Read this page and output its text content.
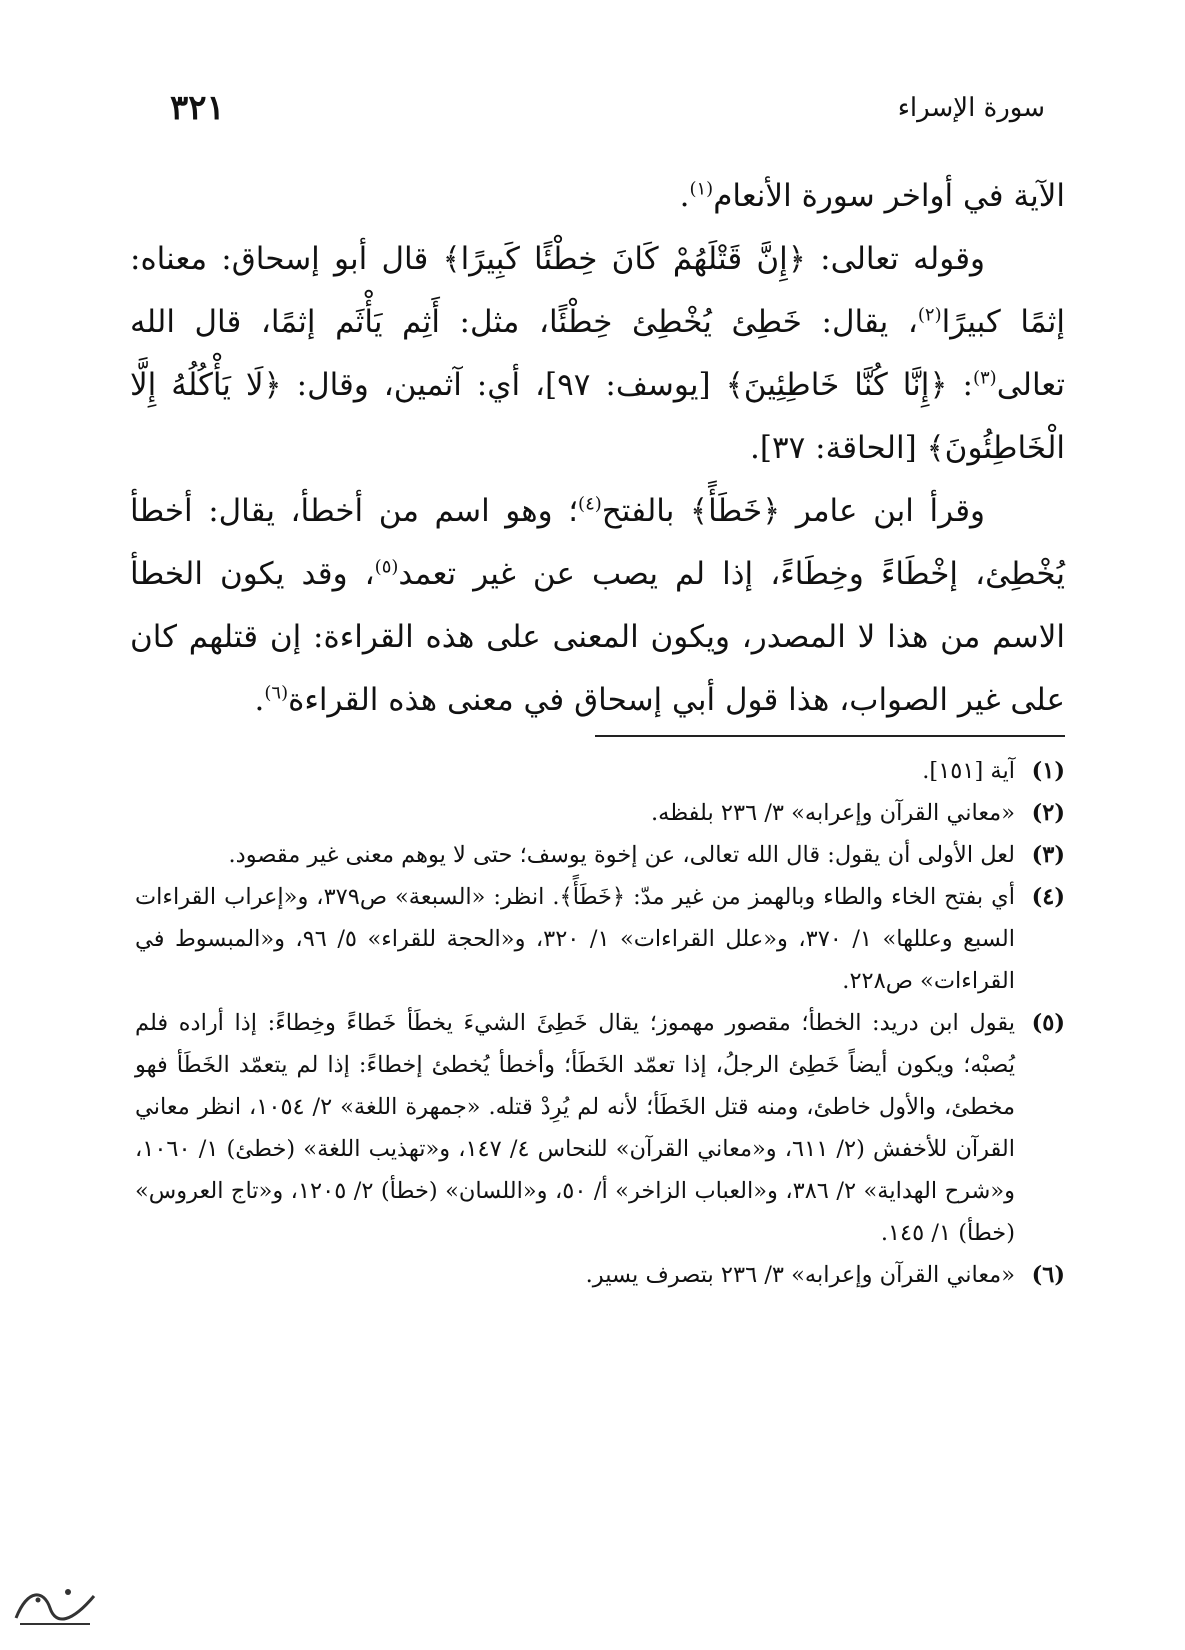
سورة الإسراء
٣٢١

الآية في أواخر سورة الأنعام$^{(١)}$.

وقوله تعالى: ﴿إِنَّ قَتْلَهُمْ كَانَ خِطْئًا كَبِيرًا﴾ قال أبو إسحاق: معناه: إثمًا كبيرًا$^{(٢)}$، يقال: خَطِئ يُخْطِئ خِطْئًا، مثل: أَثِم يَأْثَم إثمًا، قال الله تعالى$^{(٣)}$: ﴿إِنَّا كُنَّا خَاطِئِينَ﴾ [يوسف: ٩٧]، أي: آثمين، وقال: ﴿لَا يَأْكُلُهُ إِلَّا الْخَاطِئُونَ﴾ [الحاقة: ٣٧].

وقرأ ابن عامر ﴿خَطَأً﴾ بالفتح$^{(٤)}$؛ وهو اسم من أخطأ، يقال: أخطأ يُخْطِئ، إخْطَاءً وخِطَاءً، إذا لم يصب عن غير تعمد$^{(٥)}$، وقد يكون الخطأ الاسم من هذا لا المصدر، ويكون المعنى على هذه القراءة: إن قتلهم كان على غير الصواب، هذا قول أبي إسحاق في معنى هذه القراءة$^{(٦)}$.

(١)
آية [١٥١].
(٢)
«معاني القرآن وإعرابه» ٣/ ٢٣٦ بلفظه.
(٣)
لعل الأولى أن يقول: قال الله تعالى، عن إخوة يوسف؛ حتى لا يوهم معنى غير مقصود.
(٤)
أي بفتح الخاء والطاء وبالهمز من غير مدّ: ﴿خَطَأً﴾. انظر: «السبعة» ص٣٧٩، و«إعراب القراءات السبع وعللها» ١/ ٣٧٠، و«علل القراءات» ١/ ٣٢٠، و«الحجة للقراء» ٥/ ٩٦، و«المبسوط في القراءات» ص٢٢٨.
(٥)
يقول ابن دريد: الخطأ؛ مقصور مهموز؛ يقال خَطِئَ الشيءَ يخطَأ خَطاءً وخِطاءً: إذا أراده فلم يُصبْه؛ ويكون أيضاً خَطِئ الرجلُ، إذا تعمّد الخَطَأ؛ وأخطأ يُخطئ إخطاءً: إذا لم يتعمّد الخَطَأ فهو مخطئ، والأول خاطئ، ومنه قتل الخَطَأ؛ لأنه لم يُرِدْ قتله. «جمهرة اللغة» ٢/ ١٠٥٤، انظر معاني القرآن للأخفش (٢/ ٦١١، و«معاني القرآن» للنحاس ٤/ ١٤٧، و«تهذيب اللغة» (خطئ) ١/ ١٠٦٠، و«شرح الهداية» ٢/ ٣٨٦، و«العباب الزاخر» أ/ ٥٠، و«اللسان» (خطأ) ٢/ ١٢٠٥، و«تاج العروس» (خطأ) ١/ ١٤٥.
(٦)
«معاني القرآن وإعرابه» ٣/ ٢٣٦ بتصرف يسير.
